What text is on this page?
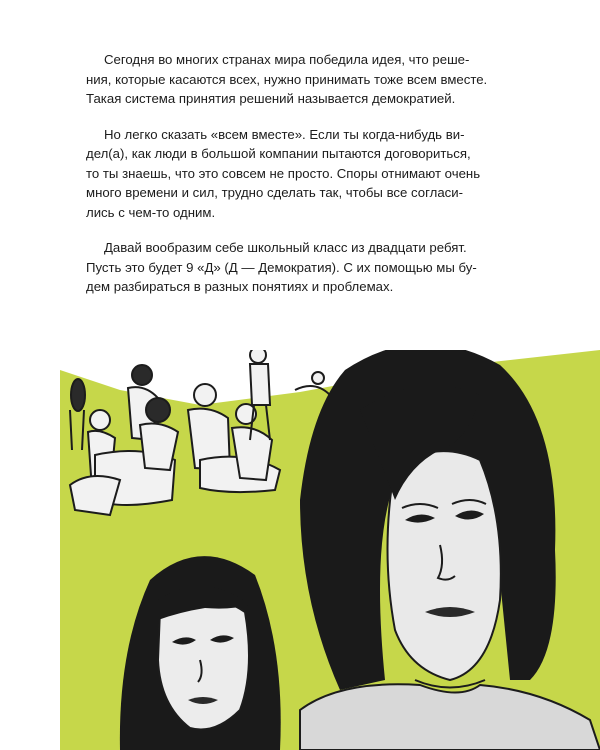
Сегодня во многих странах мира победила идея, что реше-
ния, которые касаются всех, нужно принимать тоже всем вместе.
Такая система принятия решений называется демократией.

Но легко сказать «всем вместе». Если ты когда-нибудь ви-
дел(а), как люди в большой компании пытаются договориться,
то ты знаешь, что это совсем не просто. Споры отнимают очень
много времени и сил, трудно сделать так, чтобы все согласи-
лись с чем-то одним.

Давай вообразим себе школьный класс из двадцати ребят.
Пусть это будет 9 «Д» (Д — Демократия). С их помощью мы бу-
дем разбираться в разных понятиях и проблемах.
